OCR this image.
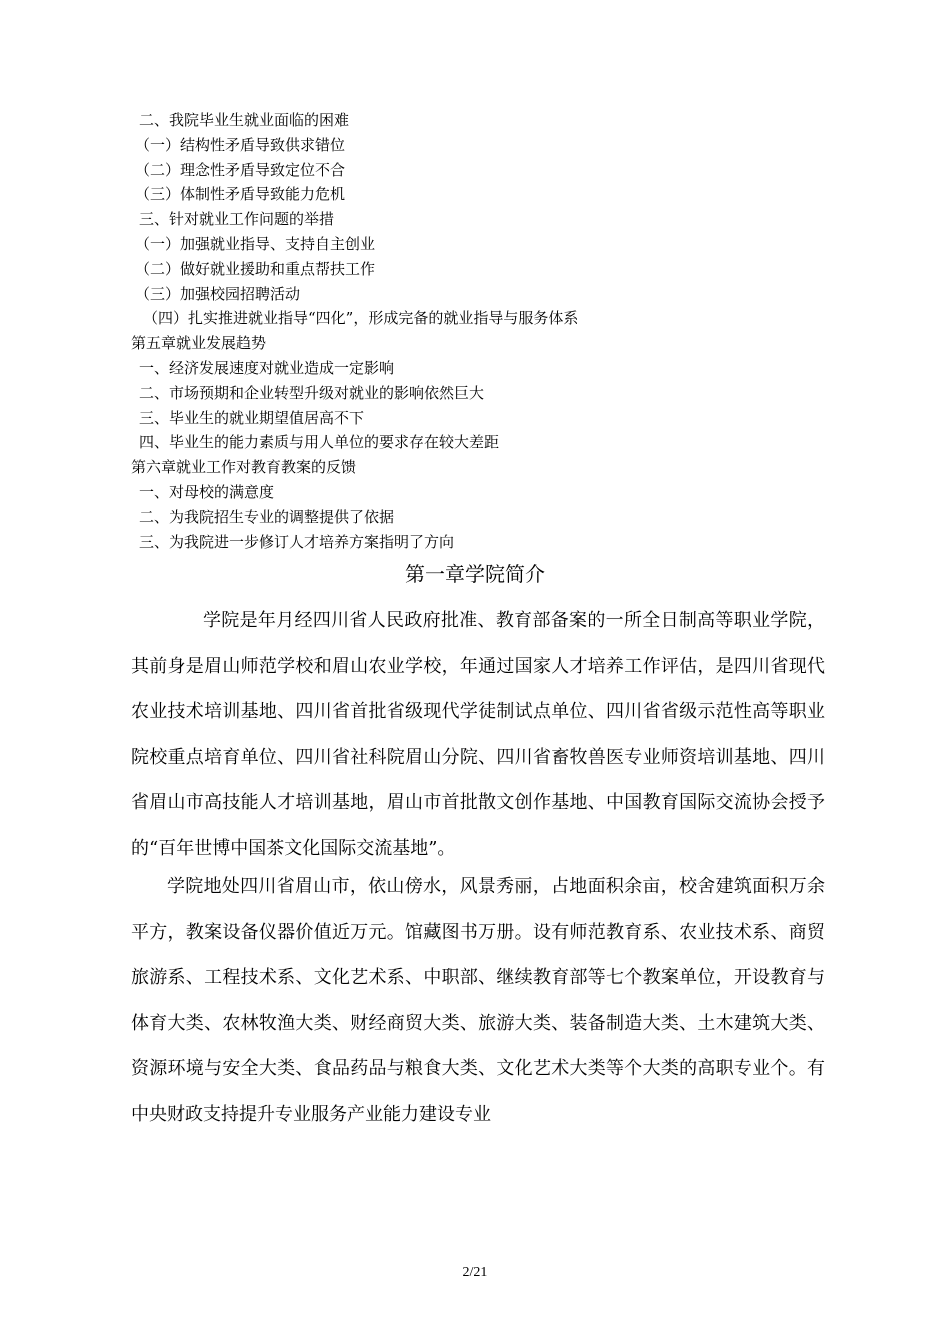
二、我院毕业生就业面临的困难
（一）结构性矛盾导致供求错位
（二）理念性矛盾导致定位不合
（三）体制性矛盾导致能力危机
三、针对就业工作问题的举措
（一）加强就业指导、支持自主创业
（二）做好就业援助和重点帮扶工作
（三）加强校园招聘活动
（四）扎实推进就业指导“四化”，形成完备的就业指导与服务体系
第五章就业发展趋势
一、经济发展速度对就业造成一定影响
二、市场预期和企业转型升级对就业的影响依然巨大
三、毕业生的就业期望值居高不下
四、毕业生的能力素质与用人单位的要求存在较大差距
第六章就业工作对教育教案的反馈
一、对母校的满意度
二、为我院招生专业的调整提供了依据
三、为我院进一步修订人才培养方案指明了方向
第一章学院简介
学院是年月经四川省人民政府批准、教育部备案的一所全日制高等职业学院，其前身是眉山师范学校和眉山农业学校，年通过国家人才培养工作评估，是四川省现代农业技术培训基地、四川省首批省级现代学徒制试点单位、四川省省级示范性高等职业院校重点培育单位、四川省社科院眉山分院、四川省畜牧兽医专业师资培训基地、四川省眉山市高技能人才培训基地，眉山市首批散文创作基地、中国教育国际交流协会授予的“百年世博中国茶文化国际交流基地”。
学院地处四川省眉山市，依山傍水，风景秀丽，占地面积余亩，校舍建筑面积万余平方，教案设备仪器价值近万元。馆藏图书万册。设有师范教育系、农业技术系、商贸旅游系、工程技术系、文化艺术系、中职部、继续教育部等七个教案单位，开设教育与体育大类、农林牧渔大类、财经商贸大类、旅游大类、装备制造大类、土木建筑大类、资源环境与安全大类、食品药品与粮食大类、文化艺术大类等个大类的高职专业个。有中央财政支持提升专业服务产业能力建设专业
2/21
